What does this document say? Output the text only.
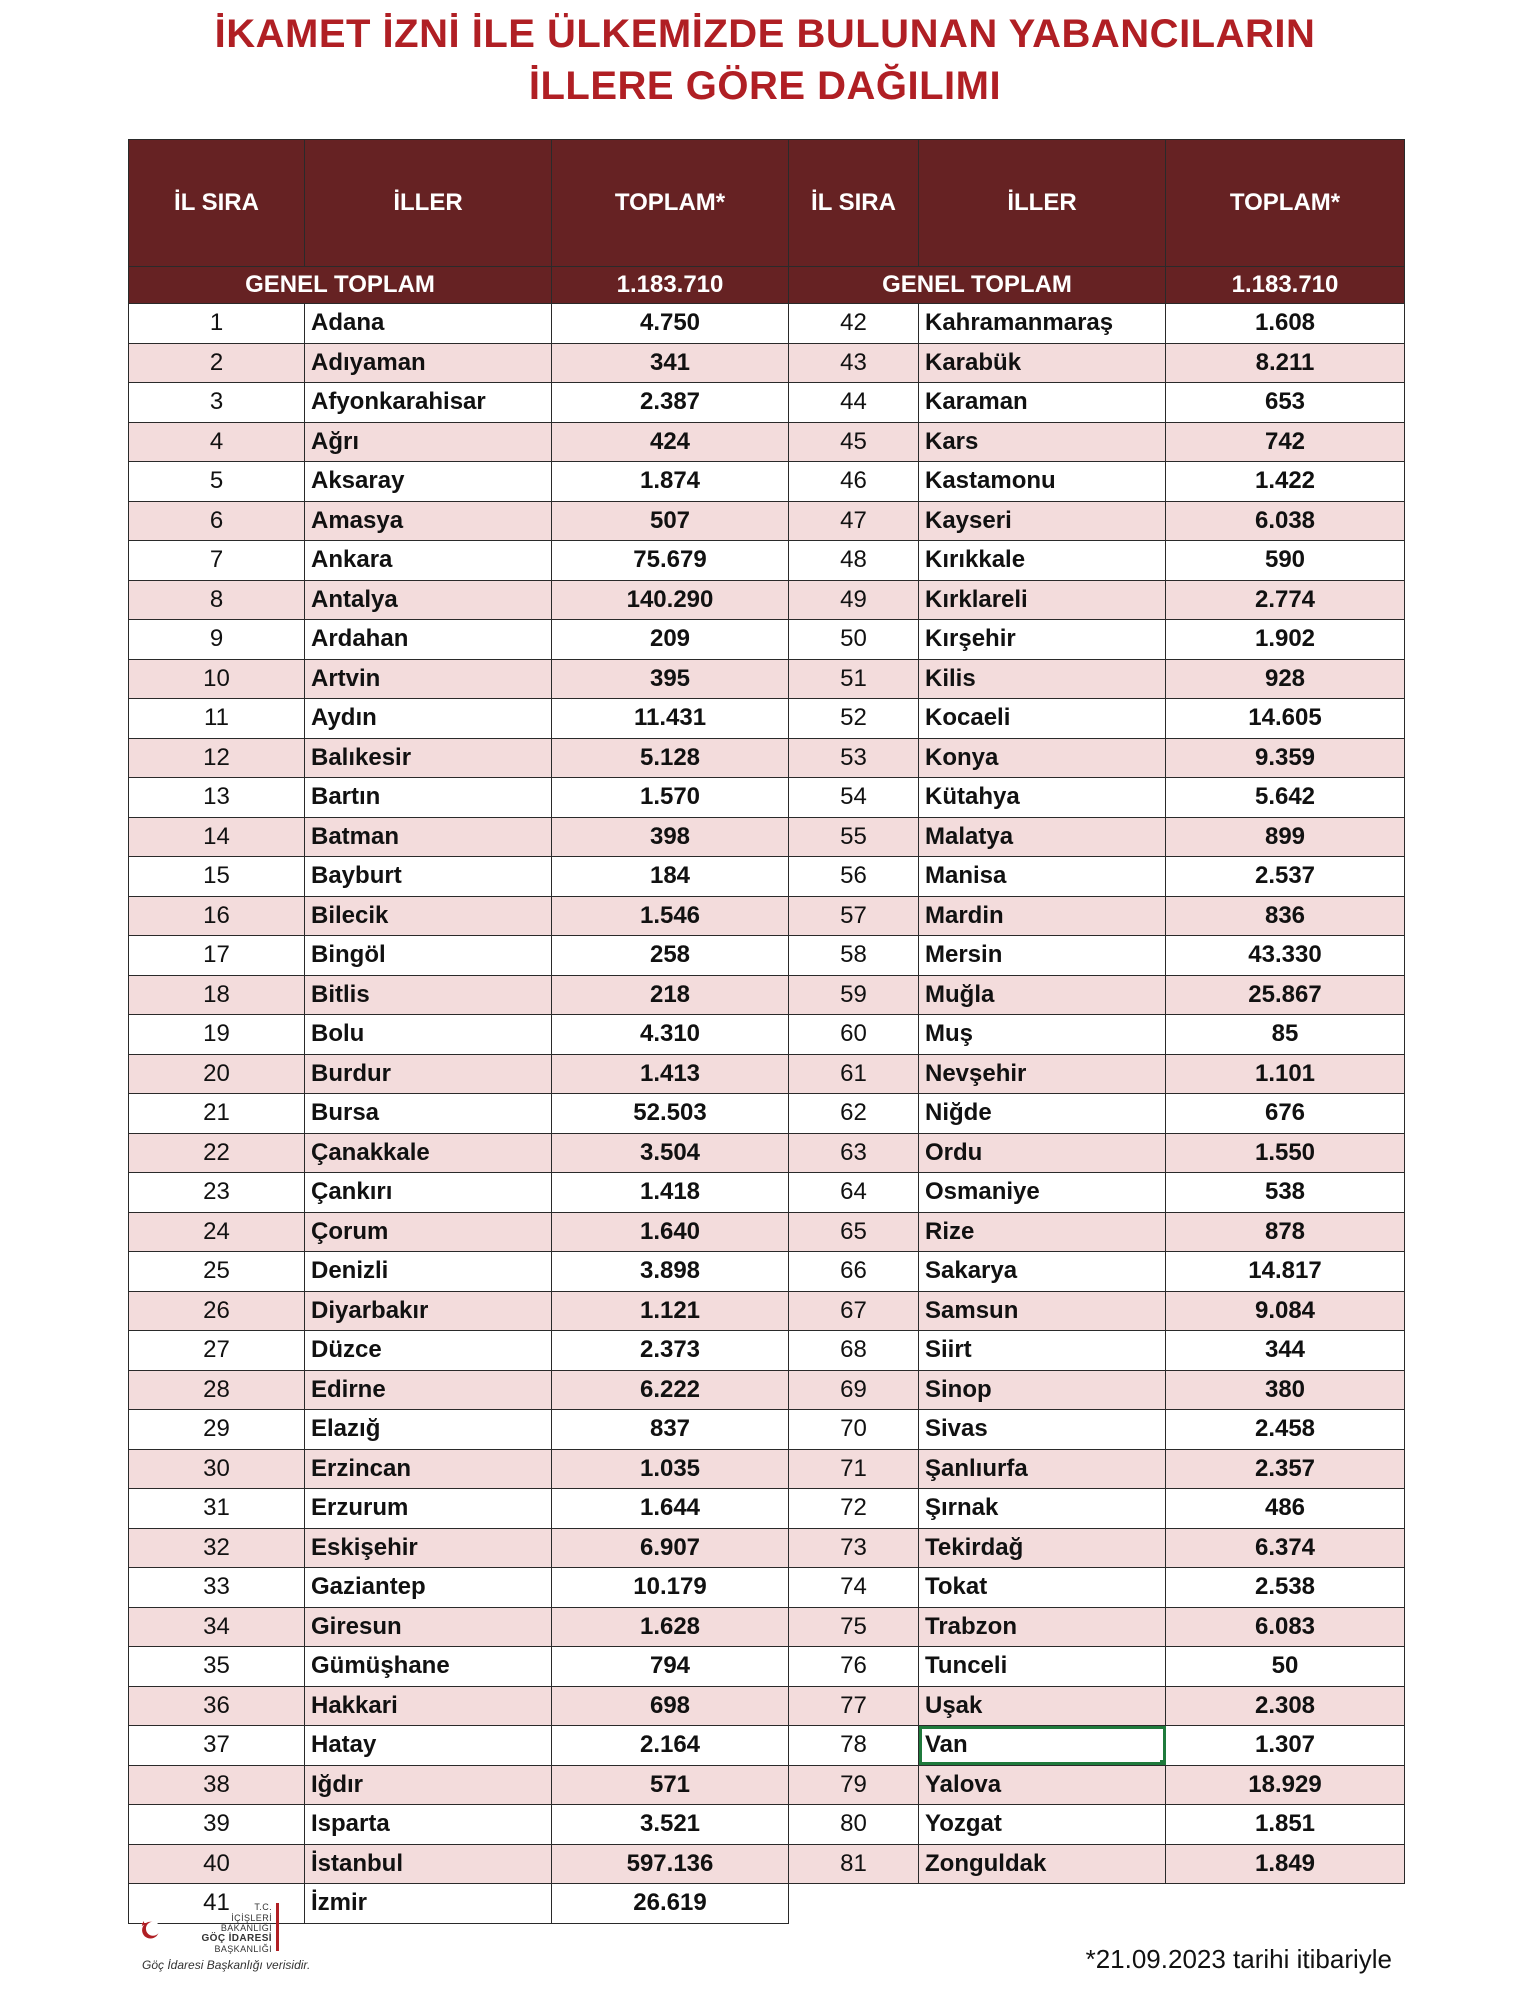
İKAMET İZNİ İLE ÜLKEMİZDE BULUNAN YABANCILARIN
İLLERE GÖRE DAĞILIMI
İL SIRA	İLLER	TOPLAM*
GENEL TOPLAM		1.183.710
1	Adana	4.750
2	Adıyaman	341
3	Afyonkarahisar	2.387
4	Ağrı	424
5	Aksaray	1.874
6	Amasya	507
7	Ankara	75.679
8	Antalya	140.290
9	Ardahan	209
10	Artvin	395
11	Aydın	11.431
12	Balıkesir	5.128
13	Bartın	1.570
14	Batman	398
15	Bayburt	184
16	Bilecik	1.546
17	Bingöl	258
18	Bitlis	218
19	Bolu	4.310
20	Burdur	1.413
21	Bursa	52.503
22	Çanakkale	3.504
23	Çankırı	1.418
24	Çorum	1.640
25	Denizli	3.898
26	Diyarbakır	1.121
27	Düzce	2.373
28	Edirne	6.222
29	Elazığ	837
30	Erzincan	1.035
31	Erzurum	1.644
32	Eskişehir	6.907
33	Gaziantep	10.179
34	Giresun	1.628
35	Gümüşhane	794
36	Hakkari	698
37	Hatay	2.164
38	Iğdır	571
39	Isparta	3.521
40	İstanbul	597.136
41	İzmir	26.619
İL SIRA	İLLER	TOPLAM*
GENEL TOPLAM		1.183.710
42	Kahramanmaraş	1.608
43	Karabük	8.211
44	Karaman	653
45	Kars	742
46	Kastamonu	1.422
47	Kayseri	6.038
48	Kırıkkale	590
49	Kırklareli	2.774
50	Kırşehir	1.902
51	Kilis	928
52	Kocaeli	14.605
53	Konya	9.359
54	Kütahya	5.642
55	Malatya	899
56	Manisa	2.537
57	Mardin	836
58	Mersin	43.330
59	Muğla	25.867
60	Muş	85
61	Nevşehir	1.101
62	Niğde	676
63	Ordu	1.550
64	Osmaniye	538
65	Rize	878
66	Sakarya	14.817
67	Samsun	9.084
68	Siirt	344
69	Sinop	380
70	Sivas	2.458
71	Şanlıurfa	2.357
72	Şırnak	486
73	Tekirdağ	6.374
74	Tokat	2.538
75	Trabzon	6.083
76	Tunceli	50
77	Uşak	2.308
78	Van	1.307
79	Yalova	18.929
80	Yozgat	1.851
81	Zonguldak	1.849
T.C.
İÇİŞLERİ BAKANLIĞI
GÖÇ İDARESİ
BAŞKANLIĞI
Göç İdaresi Başkanlığı verisidir.	*21.09.2023 tarihi itibariyle
